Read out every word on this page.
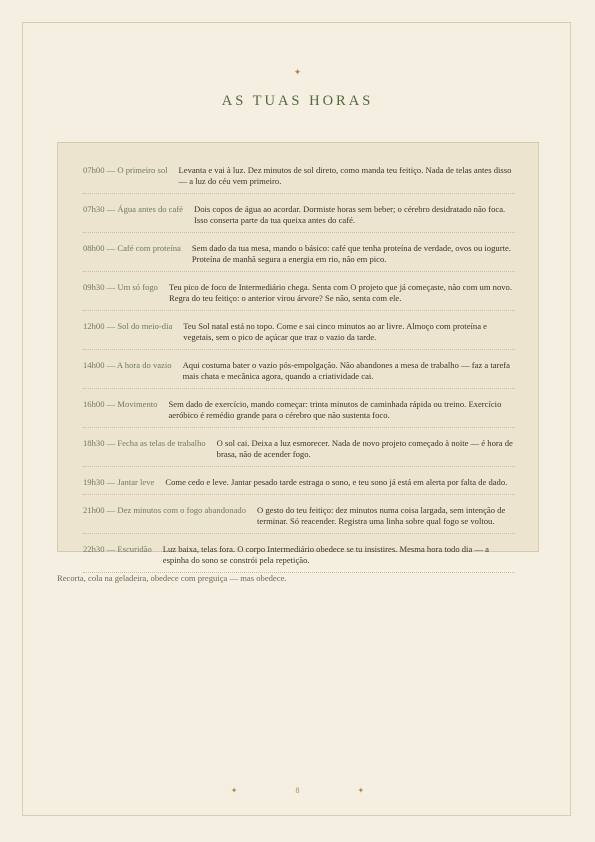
✦
AS TUAS HORAS
07h00 — O primeiro sol Levanta e vai à luz. Dez minutos de sol direto, como manda teu feitiço. Nada de telas antes disso — a luz do céu vem primeiro.
07h30 — Água antes do café Dois copos de água ao acordar. Dormiste horas sem beber; o cérebro desidratado não foca. Isso conserta parte da tua queixa antes do café.
08h00 — Café com proteína Sem dado da tua mesa, mando o básico: café que tenha proteína de verdade, ovos ou iogurte. Proteína de manhã segura a energia em rio, não em pico.
09h30 — Um só fogo Teu pico de foco de Intermediário chega. Senta com O projeto que já começaste, não com um novo. Regra do teu feitiço: o anterior virou árvore? Se não, senta com ele.
12h00 — Sol do meio-dia Teu Sol natal está no topo. Come e sai cinco minutos ao ar livre. Almoço com proteína e vegetais, sem o pico de açúcar que traz o vazio da tarde.
14h00 — A hora do vazio Aqui costuma bater o vazio pós-empolgação. Não abandones a mesa de trabalho — faz a tarefa mais chata e mecânica agora, quando a criatividade cai.
16h00 — Movimento Sem dado de exercício, mando começar: trinta minutos de caminhada rápida ou treino. Exercício aeróbico é remédio grande para o cérebro que não sustenta foco.
18h30 — Fecha as telas de trabalho O sol cai. Deixa a luz esmorecer. Nada de novo projeto começado à noite — é hora de brasa, não de acender fogo.
19h30 — Jantar leve Come cedo e leve. Jantar pesado tarde estraga o sono, e teu sono já está em alerta por falta de dado.
21h00 — Dez minutos com o fogo abandonado O gesto do teu feitiço: dez minutos numa coisa largada, sem intenção de terminar. Só reacender. Registra uma linha sobre qual fogo se voltou.
22h30 — Escuridão Luz baixa, telas fora. O corpo Intermediário obedece se tu insistires. Mesma hora todo dia — a espinha do sono se constrói pela repetição.
Recorta, cola na geladeira, obedece com preguiça — mas obedece.
✦	8	✦
